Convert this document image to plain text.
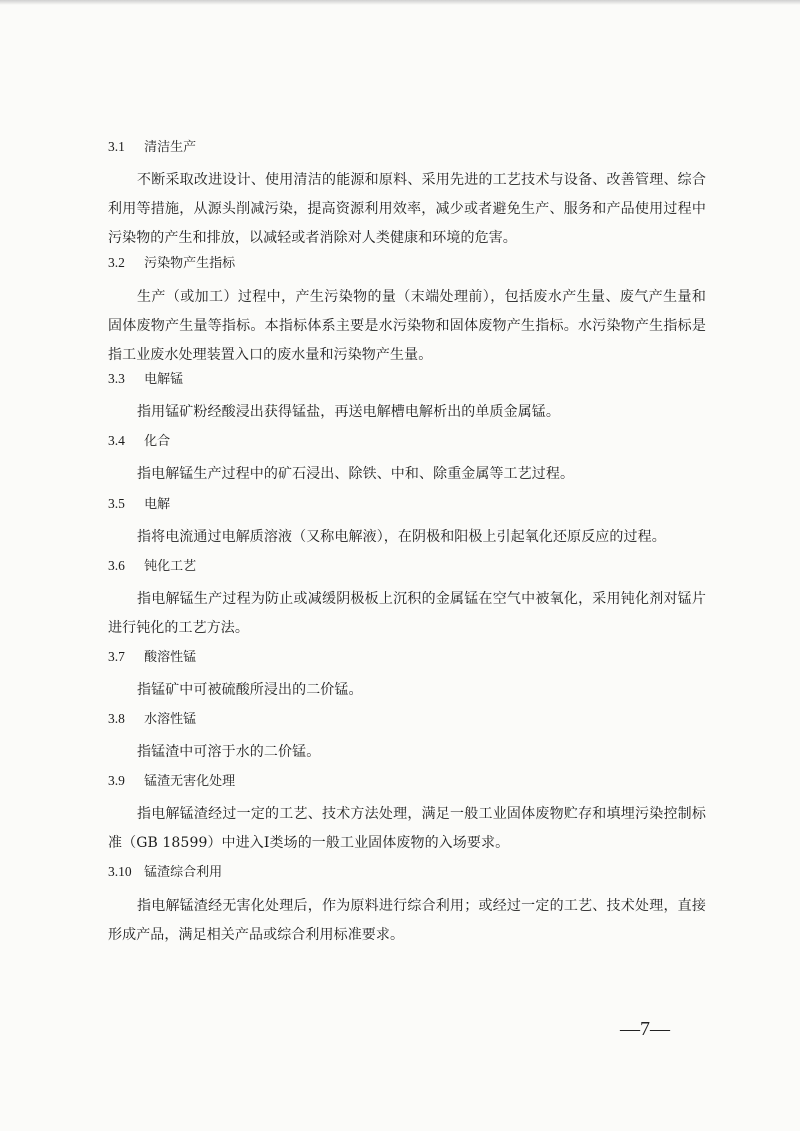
3.1 清洁生产

不断采取改进设计、使用清洁的能源和原料、采用先进的工艺技术与设备、改善管理、综合利用等措施，从源头削减污染，提高资源利用效率，减少或者避免生产、服务和产品使用过程中污染物的产生和排放，以减轻或者消除对人类健康和环境的危害。

3.2 污染物产生指标

生产（或加工）过程中，产生污染物的量（末端处理前），包括废水产生量、废气产生量和固体废物产生量等指标。本指标体系主要是水污染物和固体废物产生指标。水污染物产生指标是指工业废水处理装置入口的废水量和污染物产生量。

3.3 电解锰

指用锰矿粉经酸浸出获得锰盐，再送电解槽电解析出的单质金属锰。

3.4 化合

指电解锰生产过程中的矿石浸出、除铁、中和、除重金属等工艺过程。

3.5 电解

指将电流通过电解质溶液（又称电解液），在阴极和阳极上引起氧化还原反应的过程。

3.6 钝化工艺

指电解锰生产过程为防止或减缓阴极板上沉积的金属锰在空气中被氧化，采用钝化剂对锰片进行钝化的工艺方法。

3.7 酸溶性锰

指锰矿中可被硫酸所浸出的二价锰。

3.8 水溶性锰

指锰渣中可溶于水的二价锰。

3.9 锰渣无害化处理

指电解锰渣经过一定的工艺、技术方法处理，满足一般工业固体废物贮存和填埋污染控制标准（GB 18599）中进入Ⅰ类场的一般工业固体废物的入场要求。

3.10 锰渣综合利用

指电解锰渣经无害化处理后，作为原料进行综合利用；或经过一定的工艺、技术处理，直接形成产品，满足相关产品或综合利用标准要求。

—7—
